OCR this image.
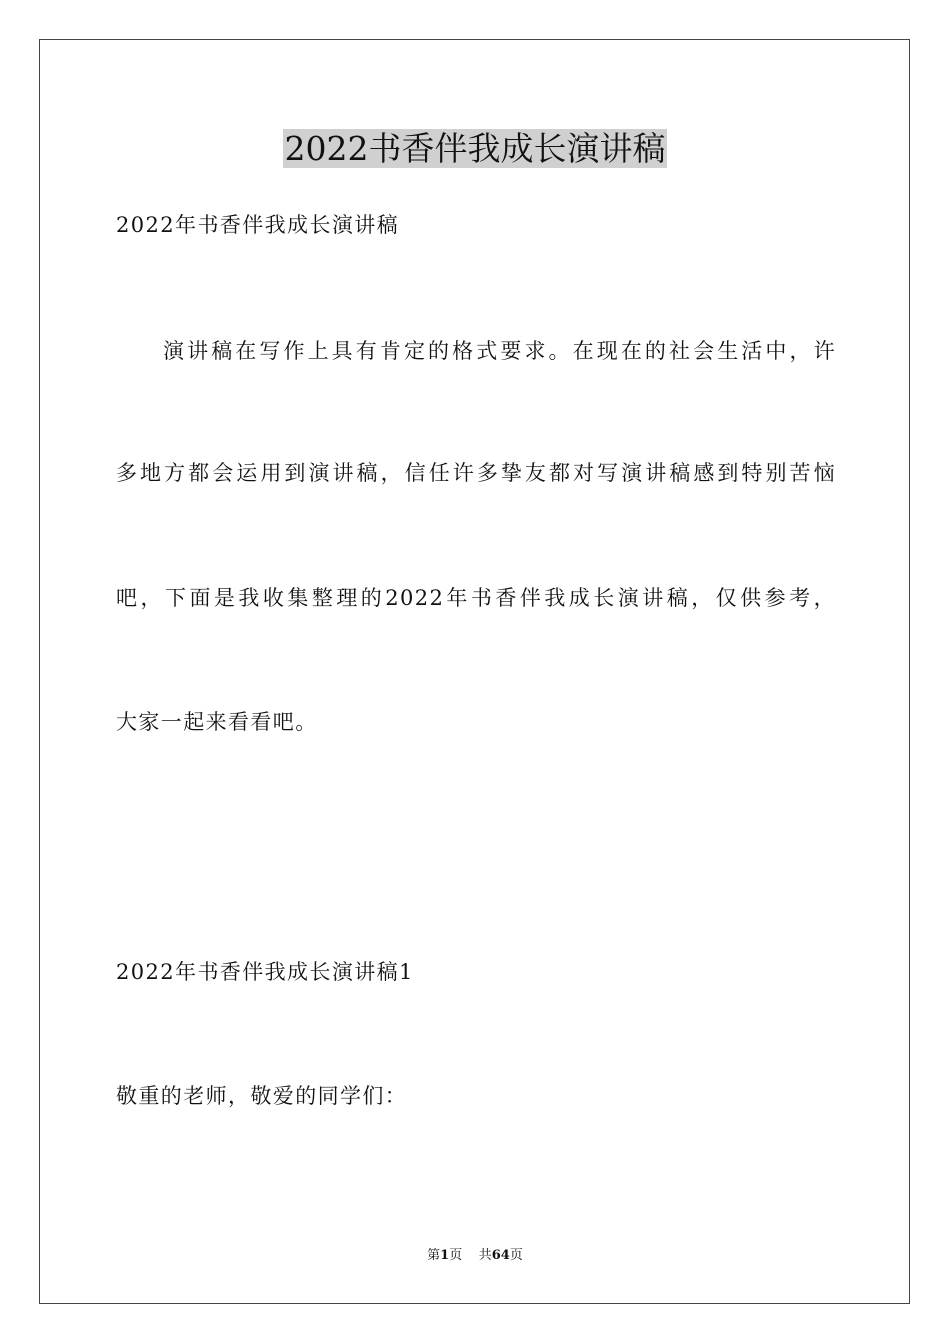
2022书香伴我成长演讲稿
2022年书香伴我成长演讲稿
演讲稿在写作上具有肯定的格式要求。在现在的社会生活中，许
多地方都会运用到演讲稿，信任许多挚友都对写演讲稿感到特别苦恼
吧，下面是我收集整理的2022年书香伴我成长演讲稿，仅供参考，
大家一起来看看吧。
2022年书香伴我成长演讲稿1
敬重的老师，敬爱的同学们：
第1页 共64页
